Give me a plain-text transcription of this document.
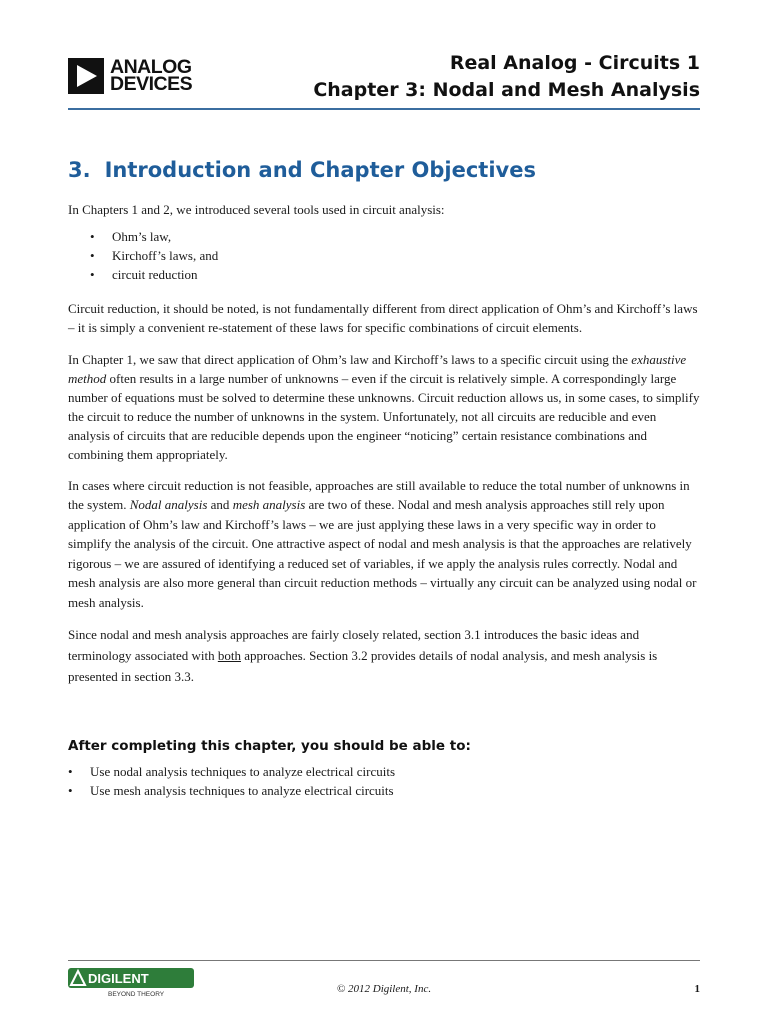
ANALOG
DEVICES
Real Analog - Circuits 1
Chapter 3: Nodal and Mesh Analysis
3. Introduction and Chapter Objectives

In Chapters 1 and 2, we introduced several tools used in circuit analysis:

• Ohm’s law,
• Kirchoff’s laws, and
• circuit reduction

Circuit reduction, it should be noted, is not fundamentally different from direct application of Ohm’s and Kirchoff’s laws – it is simply a convenient re-statement of these laws for specific combinations of circuit elements.

In Chapter 1, we saw that direct application of Ohm’s law and Kirchoff’s laws to a specific circuit using the exhaustive method often results in a large number of unknowns – even if the circuit is relatively simple. A correspondingly large number of equations must be solved to determine these unknowns. Circuit reduction allows us, in some cases, to simplify the circuit to reduce the number of unknowns in the system. Unfortunately, not all circuits are reducible and even analysis of circuits that are reducible depends upon the engineer “noticing” certain resistance combinations and combining them appropriately.

In cases where circuit reduction is not feasible, approaches are still available to reduce the total number of unknowns in the system. Nodal analysis and mesh analysis are two of these. Nodal and mesh analysis approaches still rely upon application of Ohm’s law and Kirchoff’s laws – we are just applying these laws in a very specific way in order to simplify the analysis of the circuit. One attractive aspect of nodal and mesh analysis is that the approaches are relatively rigorous – we are assured of identifying a reduced set of variables, if we apply the analysis rules correctly. Nodal and mesh analysis are also more general than circuit reduction methods – virtually any circuit can be analyzed using nodal or mesh analysis.

Since nodal and mesh analysis approaches are fairly closely related, section 3.1 introduces the basic ideas and terminology associated with both approaches. Section 3.2 provides details of nodal analysis, and mesh analysis is presented in section 3.3.

After completing this chapter, you should be able to:
• Use nodal analysis techniques to analyze electrical circuits
• Use mesh analysis techniques to analyze electrical circuits
DIGILENT
BEYOND THEORY	© 2012 Digilent, Inc.	1
